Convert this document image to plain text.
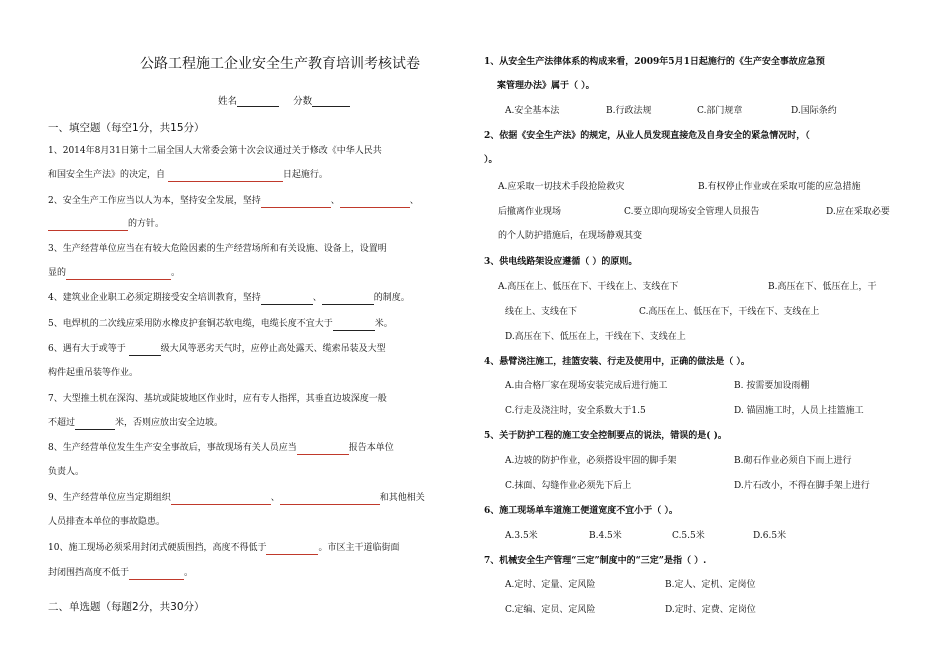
公路工程施工企业安全生产教育培训考核试卷
姓名	分数
一、填空题（每空1分，共15分）
1、2014年8月31日第十二届全国人大常委会第十次会议通过关于修改《中华人民共
和国安全生产法》的决定，自	日起施行。
2、安全生产工作应当以人为本，坚持安全发展，坚持	、	、
的方针。
3、生产经营单位应当在有较大危险因素的生产经营场所和有关设施、设备上，设置明
显的	。
4、建筑业企业职工必须定期接受安全培训教育，坚持	、	的制度。
5、电焊机的二次线应采用防水橡皮护套铜芯软电缆，电缆长度不宜大于	米。
6、遇有大于或等于	级大风等恶劣天气时，应停止高处露天、缆索吊装及大型
构件起重吊装等作业。
7、大型推土机在深沟、基坑或陡坡地区作业时，应有专人指挥，其垂直边坡深度一般
不超过	米，否则应放出安全边坡。
8、生产经营单位发生生产安全事故后，事故现场有关人员应当	报告本单位
负责人。
9、生产经营单位应当定期组织	、	和其他相关
人员排查本单位的事故隐患。
10、施工现场必须采用封闭式硬质围挡，高度不得低于	。市区主干道临街面
封闭围挡高度不低于	。
二、单选题（每题2分，共30分）
1、从安全生产法律体系的构成来看，2009年5月1日起施行的《生产安全事故应急预
案管理办法》属于（ ）。
A.安全基本法	B.行政法规	C.部门规章	D.国际条约
2、依据《安全生产法》的规定，从业人员发现直接危及自身安全的紧急情况时，（
）。
A.应采取一切技术手段抢险救灾	B.有权停止作业或在采取可能的应急措施
后撤离作业现场	C.要立即向现场安全管理人员报告	D.应在采取必要
的个人防护措施后，在现场静观其变
3、供电线路架设应遵循（ ）的原则。
A.高压在上、低压在下、干线在上、支线在下	B.高压在下、低压在上，干
线在上、支线在下	C.高压在上、低压在下，干线在下、支线在上
D.高压在下、低压在上，干线在下、支线在上
4、悬臂浇注施工，挂篮安装、行走及使用中，正确的做法是（ ）。
A.由合格厂家在现场安装完成后进行施工	B. 按需要加设雨棚
C.行走及浇注时，安全系数大于1.5	D. 锚固施工时，人员上挂篮施工
5、关于防护工程的施工安全控制要点的说法，错误的是( )。
A.边坡的防护作业，必须搭设牢固的脚手架	B.砌石作业必须自下而上进行
C.抹面、勾缝作业必须先下后上	D.片石改小，不得在脚手架上进行
6、施工现场单车道施工便道宽度不宜小于（ ）。
A.3.5米	B.4.5米	C.5.5米	D.6.5米
7、机械安全生产管理“三定”制度中的“三定”是指（ ）.
A.定时、定量、定风险	B.定人、定机、定岗位
C.定编、定员、定风险	D.定时、定费、定岗位
